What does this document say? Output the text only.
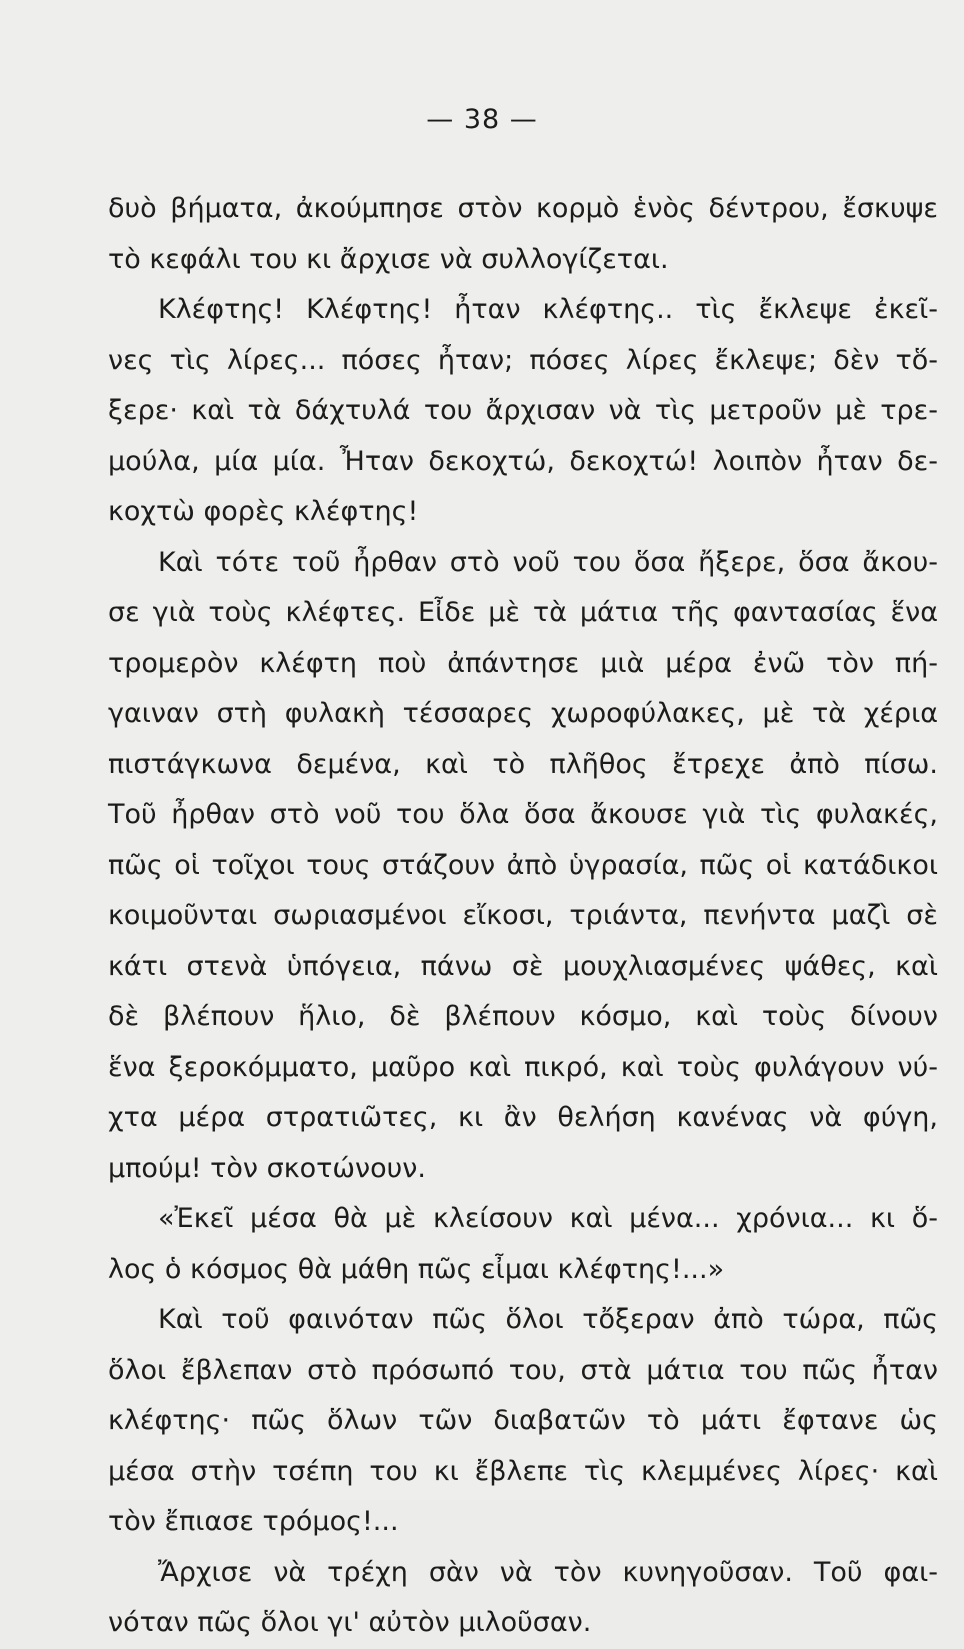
— 38 —
δυὸ βήματα, ἀκούμπησε στὸν κορμὸ ἑνὸς δέντρου, ἔσκυψε
τὸ κεφάλι του κι ἄρχισε νὰ συλλογίζεται.
Κλέφτης! Κλέφτης! ἦταν κλέφτης.. τὶς ἔκλεψε ἐκεῖ-
νες τὶς λίρες... πόσες ἦταν; πόσες λίρες ἔκλεψε; δὲν τὅ-
ξερε· καὶ τὰ δάχτυλά του ἄρχισαν νὰ τὶς μετροῦν μὲ τρε-
μούλα, μία μία. Ἦταν δεκοχτώ, δεκοχτώ! λοιπὸν ἦταν δε-
κοχτὼ φορὲς κλέφτης!
Καὶ τότε τοῦ ἦρθαν στὸ νοῦ του ὅσα ἤξερε, ὅσα ἄκου-
σε γιὰ τοὺς κλέφτες. Εἶδε μὲ τὰ μάτια τῆς φαντασίας ἕνα
τρομερὸν κλέφτη ποὺ ἀπάντησε μιὰ μέρα ἐνῶ τὸν πή-
γαιναν στὴ φυλακὴ τέσσαρες χωροφύλακες, μὲ τὰ χέρια
πιστάγκωνα δεμένα, καὶ τὸ πλῆθος ἔτρεχε ἀπὸ πίσω.
Τοῦ ἦρθαν στὸ νοῦ του ὅλα ὅσα ἄκουσε γιὰ τὶς φυλακές,
πῶς οἱ τοῖχοι τους στάζουν ἀπὸ ὑγρασία, πῶς οἱ κατάδικοι
κοιμοῦνται σωριασμένοι εἴκοσι, τριάντα, πενήντα μαζὶ σὲ
κάτι στενὰ ὑπόγεια, πάνω σὲ μουχλιασμένες ψάθες, καὶ
δὲ βλέπουν ἥλιο, δὲ βλέπουν κόσμο, καὶ τοὺς δίνουν
ἕνα ξεροκόμματο, μαῦρο καὶ πικρό, καὶ τοὺς φυλάγουν νύ-
χτα μέρα στρατιῶτες, κι ἂν θελήση κανένας νὰ φύγη,
μπούμ! τὸν σκοτώνουν.
«Ἐκεῖ μέσα θὰ μὲ κλείσουν καὶ μένα... χρόνια... κι ὅ-
λος ὁ κόσμος θὰ μάθη πῶς εἶμαι κλέφτης!...»
Καὶ τοῦ φαινόταν πῶς ὅλοι τὄξεραν ἀπὸ τώρα, πῶς
ὅλοι ἔβλεπαν στὸ πρόσωπό του, στὰ μάτια του πῶς ἦταν
κλέφτης· πῶς ὅλων τῶν διαβατῶν τὸ μάτι ἔφτανε ὡς
μέσα στὴν τσέπη του κι ἔβλεπε τὶς κλεμμένες λίρες· καὶ
τὸν ἔπιασε τρόμος!...
Ἄρχισε νὰ τρέχη σὰν νὰ τὸν κυνηγοῦσαν. Τοῦ φαι-
νόταν πῶς ὅλοι γι' αὐτὸν μιλοῦσαν.
